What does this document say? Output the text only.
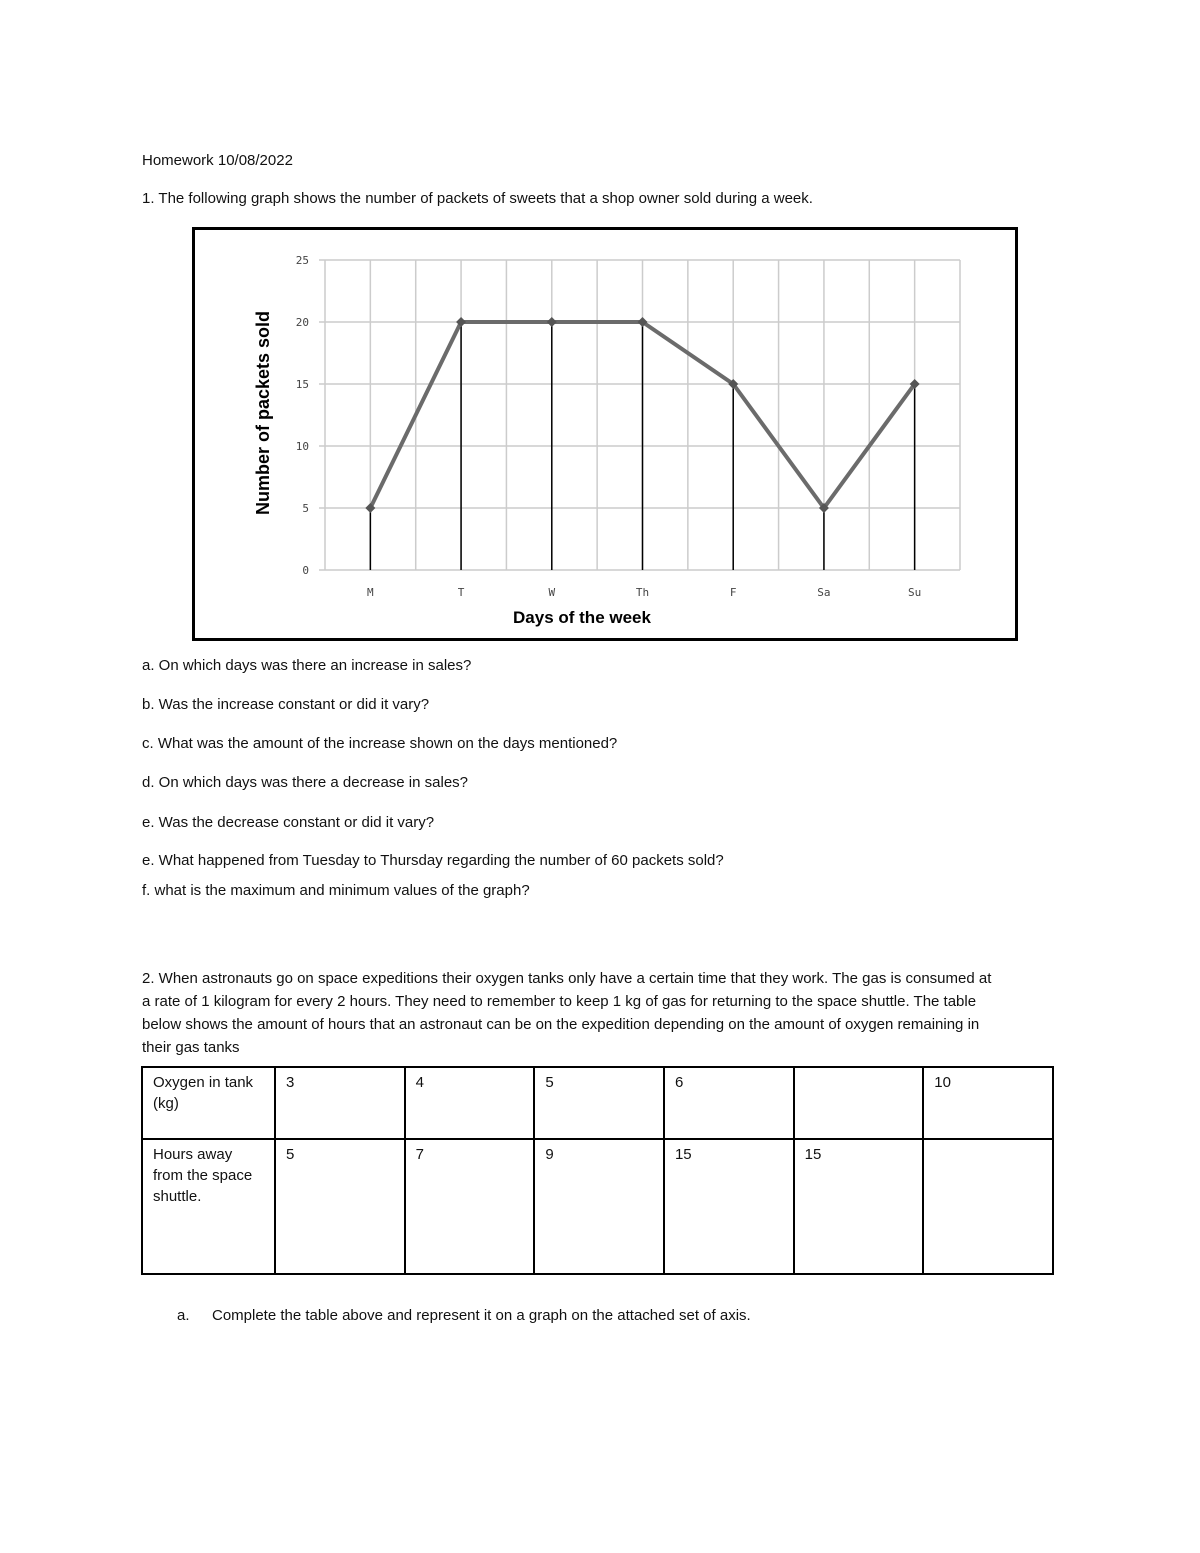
Homework 10/08/2022
1. The following graph shows the number of packets of sweets that a shop owner sold during a week.
0
5
10
15
20
25
M	T	W	Th	F	Sa	Su
Number of packets sold
Days of the week
a. On which days was there an increase in sales?
b. Was the increase constant or did it vary?
c. What was the amount of the increase shown on the days mentioned?
d. On which days was there a decrease in sales?
e. Was the decrease constant or did it vary?
e. What happened from Tuesday to Thursday regarding the number of 60 packets sold?
f. what is the maximum and minimum values of the graph?
2. When astronauts go on space expeditions their oxygen tanks only have a certain time that they work. The gas is consumed at a rate of 1 kilogram for every 2 hours. They need to remember to keep 1 kg of gas for returning to the space shuttle. The table below shows the amount of hours that an astronaut can be on the expedition depending on the amount of oxygen remaining in their gas tanks
Oxygen in tank (kg)	3	4	5	6		10
Hours away from the space shuttle.	5	7	9	15	15	
a. Complete the table above and represent it on a graph on the attached set of axis.
